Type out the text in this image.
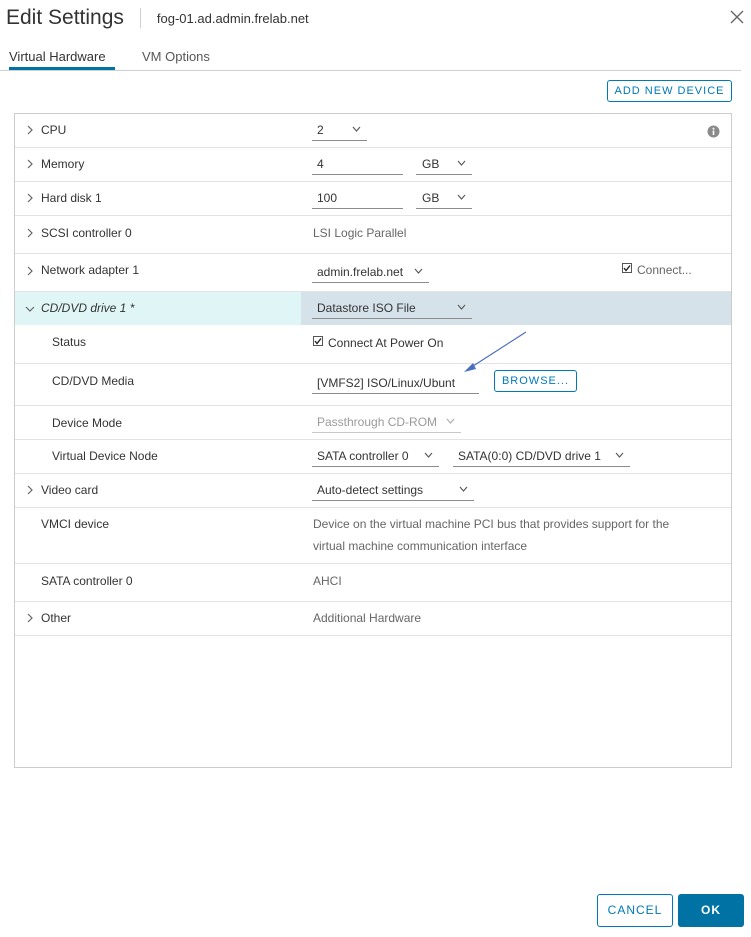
Edit Settings	fog-01.ad.admin.frelab.net
Virtual Hardware	VM Options
ADD NEW DEVICE
CPU	2
Memory	4	GB
Hard disk 1	100	GB
SCSI controller 0	LSI Logic Parallel
Network adapter 1	admin.frelab.net	Connect...
CD/DVD drive 1 *	Datastore ISO File
Status	Connect At Power On
CD/DVD Media	[VMFS2] ISO/Linux/Ubunt	BROWSE...
Device Mode	Passthrough CD-ROM
Virtual Device Node	SATA controller 0	SATA(0:0) CD/DVD drive 1
Video card	Auto-detect settings
VMCI device	Device on the virtual machine PCI bus that provides support for the
virtual machine communication interface
SATA controller 0	AHCI
Other	Additional Hardware
CANCEL	OK
